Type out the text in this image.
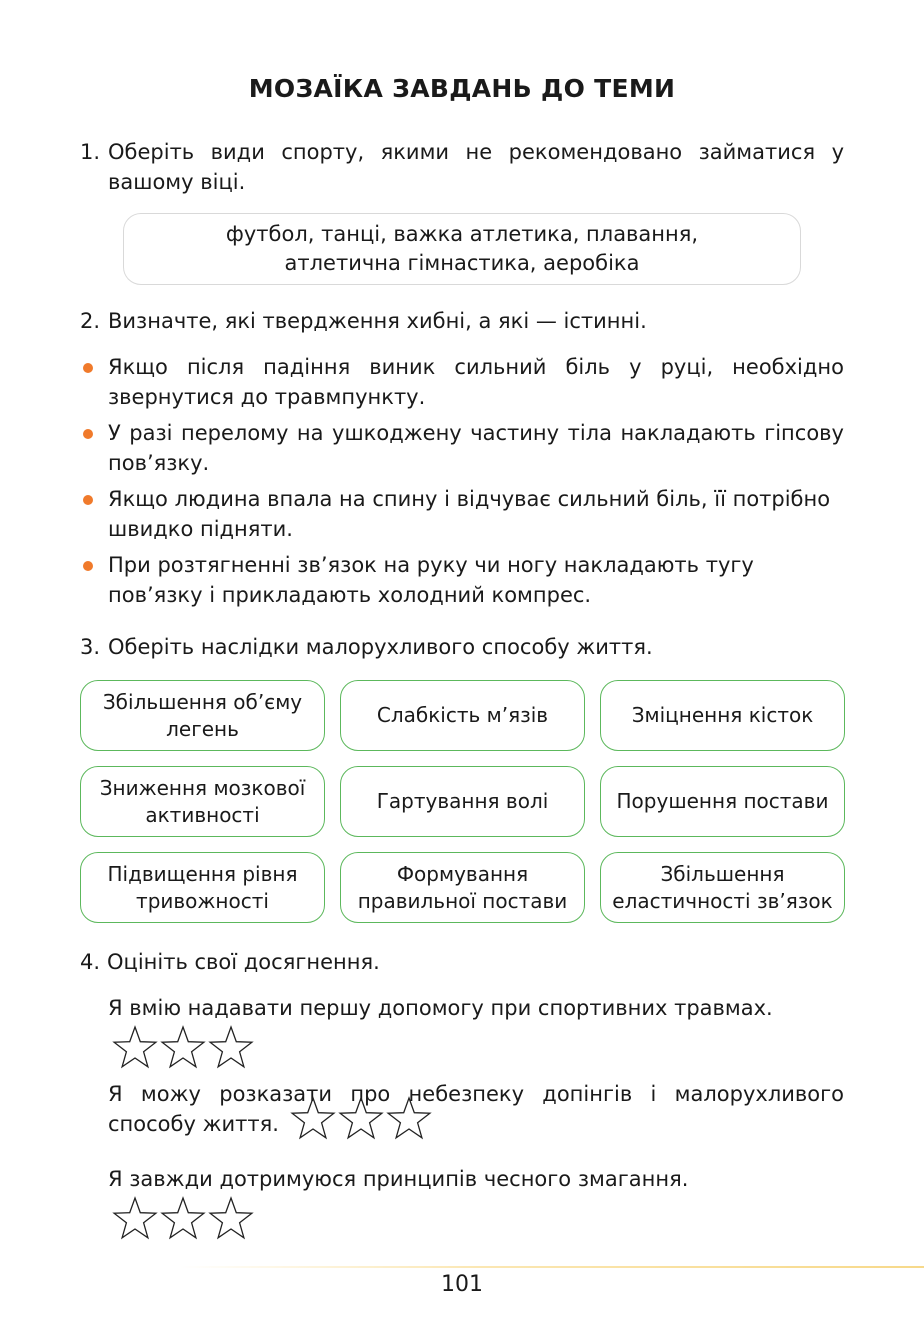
МОЗАЇКА ЗАВДАНЬ ДО ТЕМИ
1. Оберіть види спорту, якими не рекомендовано займатися у вашому віці.
футбол, танці, важка атлетика, плавання,
атлетична гімнастика, аеробіка
2. Визначте, які твердження хибні, а які — істинні.
Якщо після падіння виник сильний біль у руці, необхідно звернутися до травмпункту.
У разі перелому на ушкоджену частину тіла накладають гіпсову пов’язку.
Якщо людина впала на спину і відчуває сильний біль, її потрібно швидко підняти.
При розтягненні зв’язок на руку чи ногу накладають тугу пов’язку і прикладають холодний компрес.
3. Оберіть наслідки малорухливого способу життя.
Збільшення об’єму легень
Слабкість м’язів	Зміцнення кісток
Зниження мозкової активності
Гартування волі	Порушення постави
Підвищення рівня тривожності
Формування правильної постави
Збільшення еластичності зв’язок
4. Оцініть свої досягнення.
Я вмію надавати першу допомогу при спортивних травмах.
Я можу розказати про небезпеку допінгів і малорухливого способу життя.
Я завжди дотримуюся принципів чесного змагання.
101
